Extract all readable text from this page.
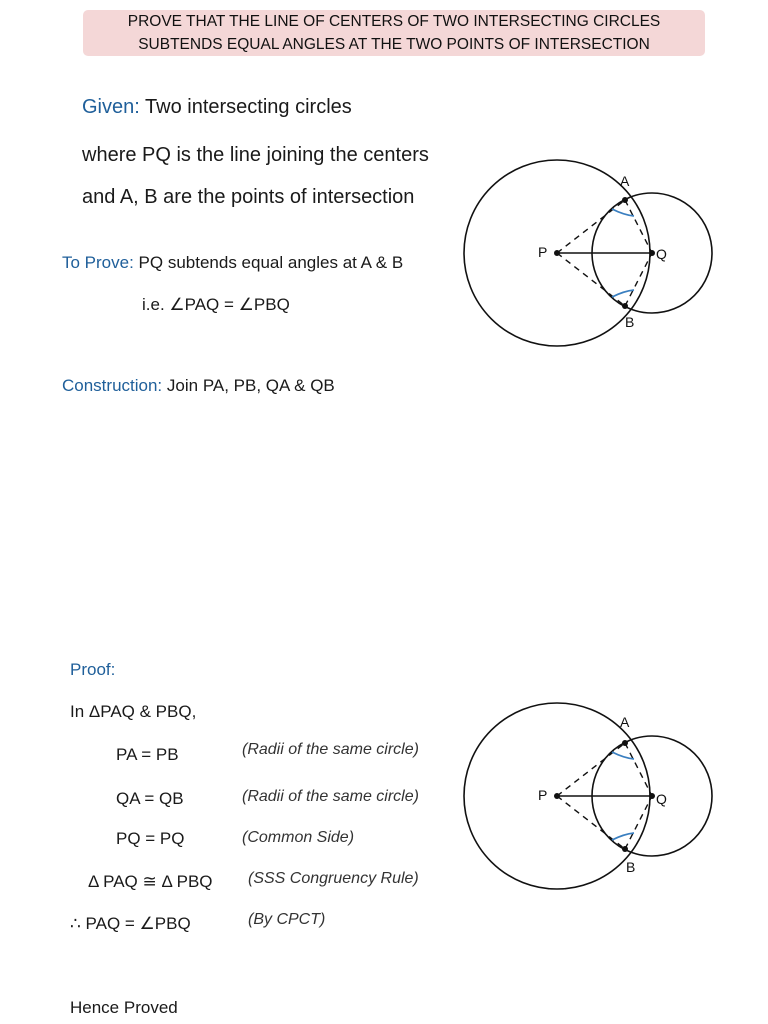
PROVE THAT THE LINE OF CENTERS OF TWO INTERSECTING CIRCLES
SUBTENDS EQUAL ANGLES AT THE TWO POINTS OF INTERSECTION
Given: Two intersecting circles
where PQ is the line joining the centers
and A, B are the points of intersection
To Prove: PQ subtends equal angles at A & B
i.e. ∠PAQ = ∠PBQ
Construction: Join PA, PB, QA & QB
P	Q
A
B
Proof:
In ΔPAQ & PBQ,
PA = PB	(Radii of the same circle)
QA = QB	(Radii of the same circle)
PQ = PQ	(Common Side)
Δ PAQ ≅ Δ PBQ (SSS Congruency Rule)
∴ PAQ = ∠PBQ	(By CPCT)
Hence Proved
P	Q
A
B
